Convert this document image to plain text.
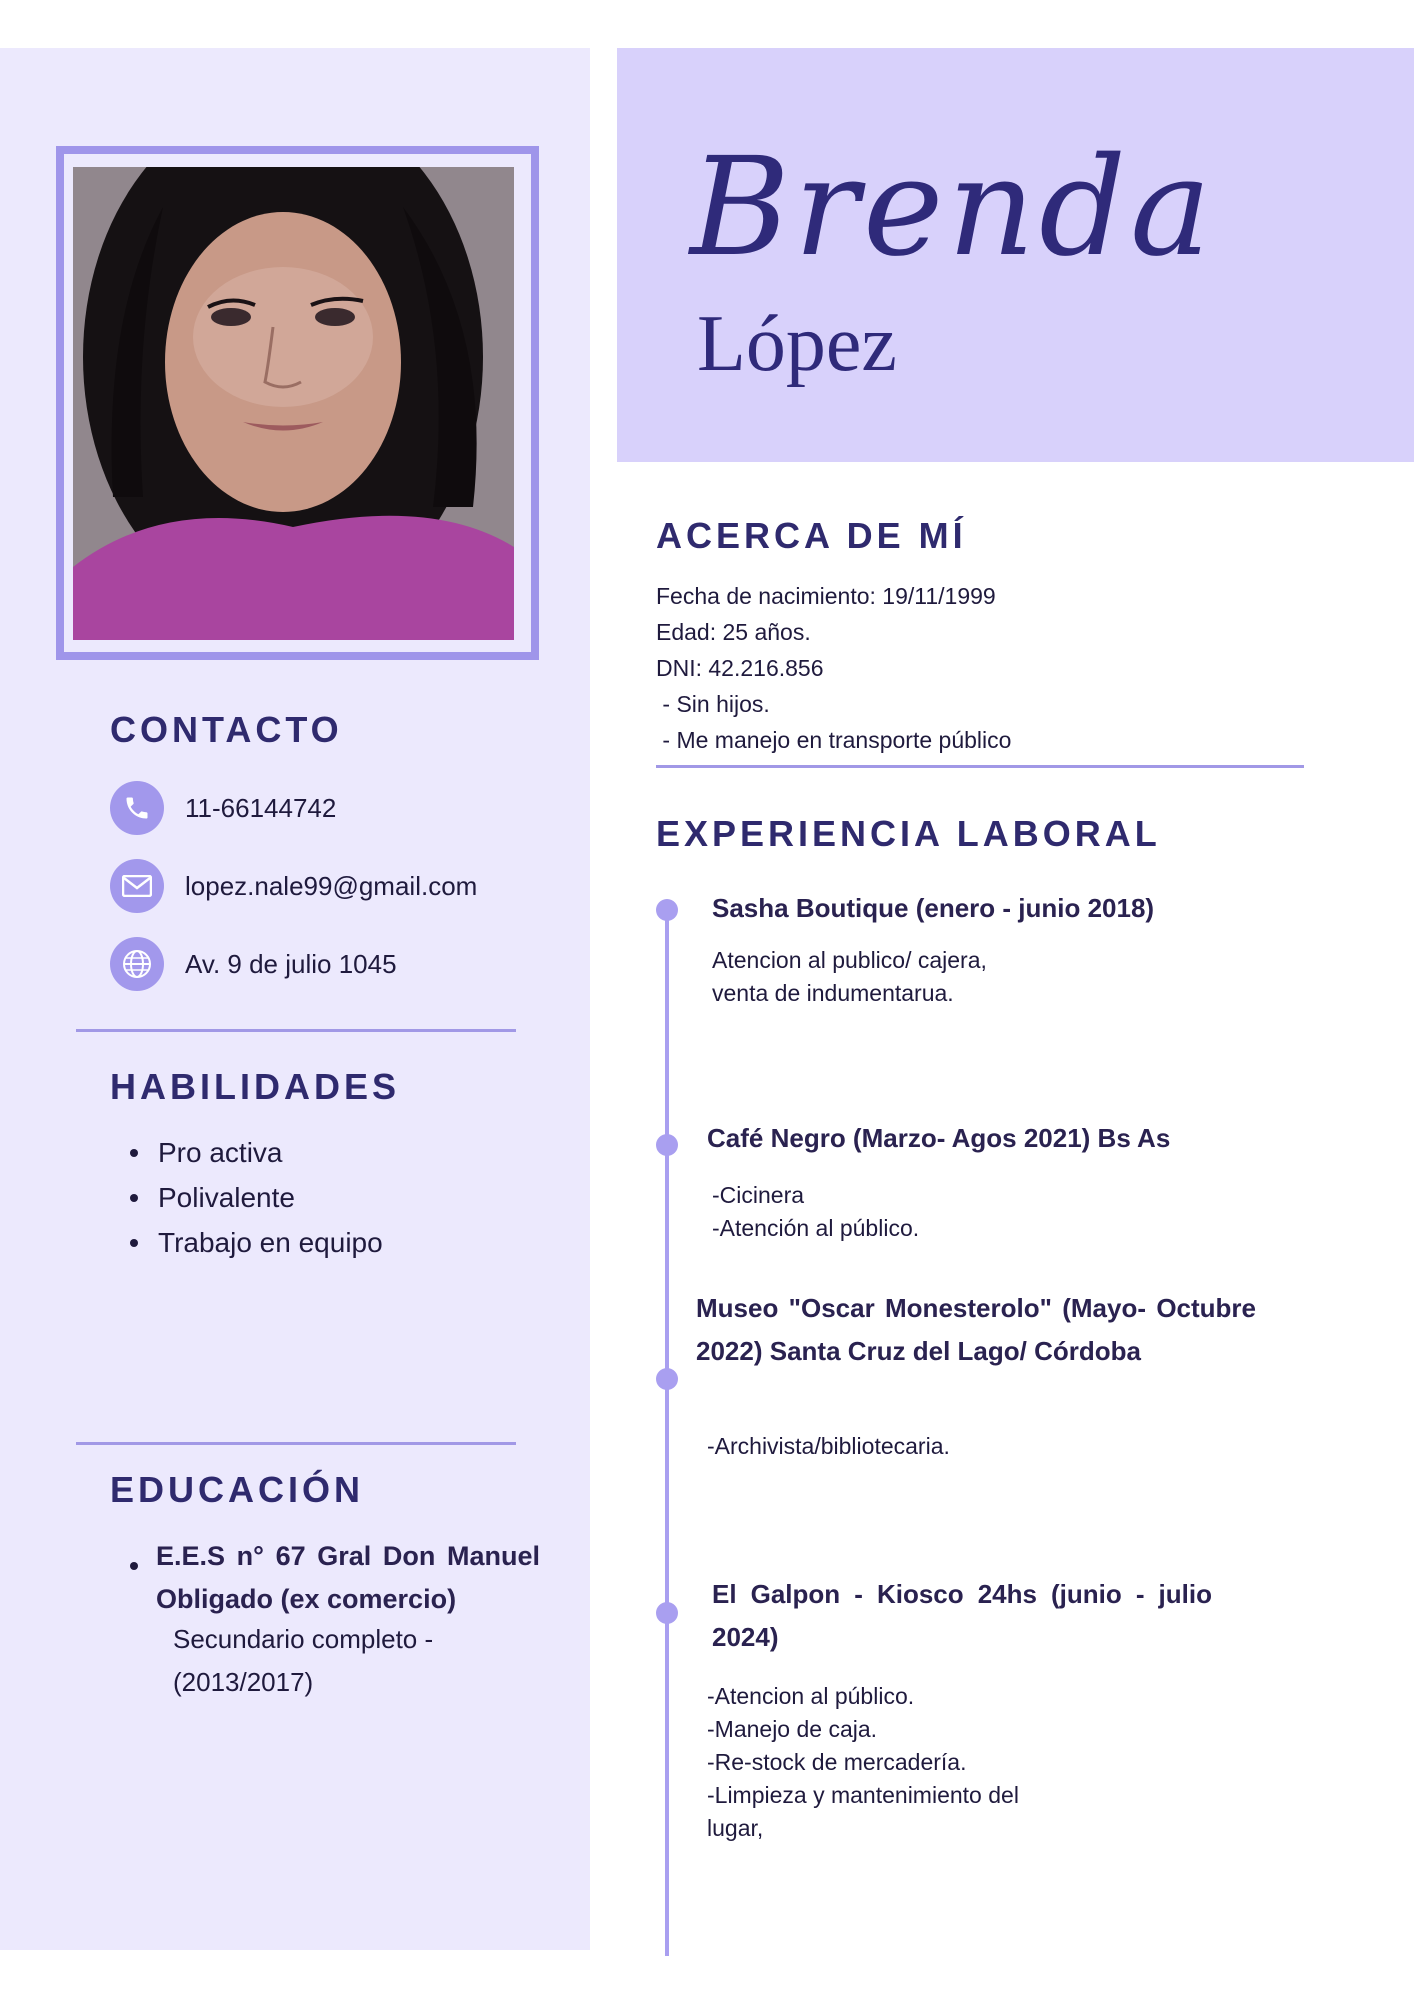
Brenda
López
ACERCA DE MÍ
Fecha de nacimiento: 19/11/1999
Edad: 25 años.
DNI: 42.216.856
- Sin hijos.
- Me manejo en transporte público
CONTACTO
11-66144742
lopez.nale99@gmail.com
Av. 9 de julio 1045
HABILIDADES
Pro activa
Polivalente
Trabajo en equipo
EDUCACIÓN
E.E.S n° 67 Gral Don Manuel Obligado (ex comercio)
Secundario completo -
(2013/2017)
EXPERIENCIA LABORAL
Sasha Boutique (enero - junio 2018)
Atencion al publico/ cajera,
venta de indumentarua.
Café Negro (Marzo- Agos 2021) Bs As
-Cicinera
-Atención al público.
Museo "Oscar Monesterolo" (Mayo- Octubre 2022) Santa Cruz del Lago/ Córdoba
-Archivista/bibliotecaria.
El Galpon - Kiosco 24hs (junio - julio 2024)
-Atencion al público.
-Manejo de caja.
-Re-stock de mercadería.
-Limpieza y mantenimiento del
lugar,
